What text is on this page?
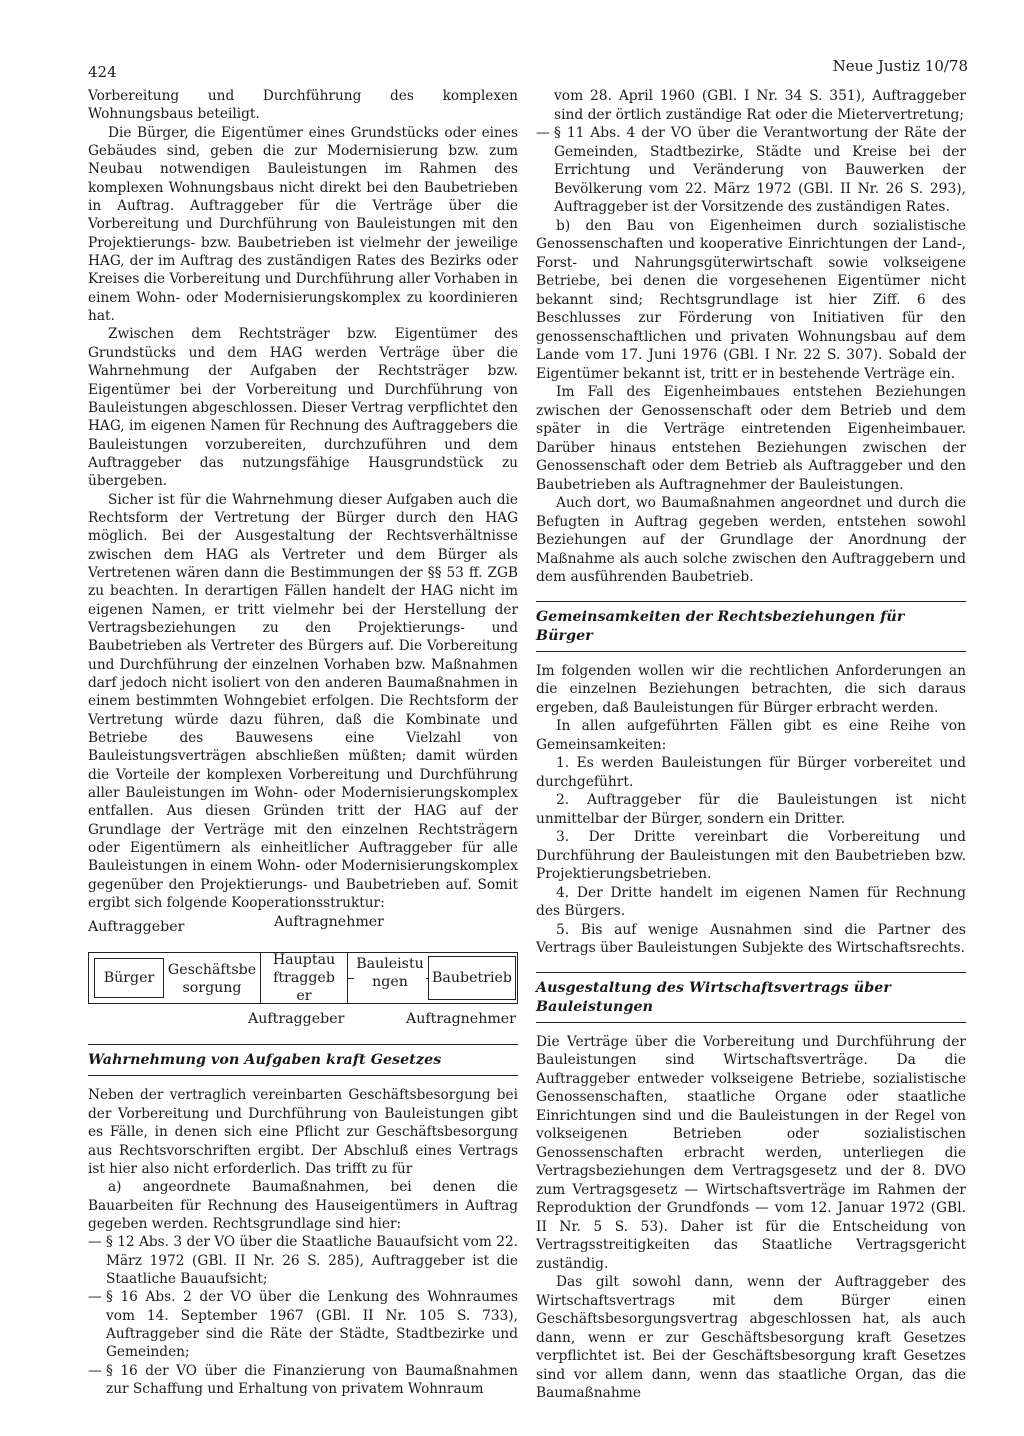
424	Neue Justiz 10/78

Vorbereitung und Durchführung des komplexen Wohnungsbaus beteiligt.

Die Bürger, die Eigentümer eines Grundstücks oder eines Gebäudes sind, geben die zur Modernisierung bzw. zum Neubau notwendigen Bauleistungen im Rahmen des komplexen Wohnungsbaus nicht direkt bei den Baubetrieben in Auftrag. Auftraggeber für die Verträge über die Vorbereitung und Durchführung von Bauleistungen mit den Projektierungs- bzw. Baubetrieben ist vielmehr der jeweilige HAG, der im Auftrag des zuständigen Rates des Bezirks oder Kreises die Vorbereitung und Durchführung aller Vorhaben in einem Wohn- oder Modernisierungskomplex zu koordinieren hat.

Zwischen dem Rechtsträger bzw. Eigentümer des Grundstücks und dem HAG werden Verträge über die Wahrnehmung der Aufgaben der Rechtsträger bzw. Eigentümer bei der Vorbereitung und Durchführung von Bauleistungen abgeschlossen. Dieser Vertrag verpflichtet den HAG, im eigenen Namen für Rechnung des Auftraggebers die Bauleistungen vorzubereiten, durchzuführen und dem Auftraggeber das nutzungsfähige Hausgrundstück zu übergeben.

Sicher ist für die Wahrnehmung dieser Aufgaben auch die Rechtsform der Vertretung der Bürger durch den HAG möglich. Bei der Ausgestaltung der Rechtsverhältnisse zwischen dem HAG als Vertreter und dem Bürger als Vertretenen wären dann die Bestimmungen der §§ 53 ff. ZGB zu beachten. In derartigen Fällen handelt der HAG nicht im eigenen Namen, er tritt vielmehr bei der Herstellung der Vertragsbeziehungen zu den Projektierungs- und Baubetrieben als Vertreter des Bürgers auf. Die Vorbereitung und Durchführung der einzelnen Vorhaben bzw. Maßnahmen darf jedoch nicht isoliert von den anderen Baumaßnahmen in einem bestimmten Wohngebiet erfolgen. Die Rechtsform der Vertretung würde dazu führen, daß die Kombinate und Betriebe des Bauwesens eine Vielzahl von Bauleistungsverträgen abschließen müßten; damit würden die Vorteile der komplexen Vorbereitung und Durchführung aller Bauleistungen im Wohn- oder Modernisierungskomplex entfallen. Aus diesen Gründen tritt der HAG auf der Grundlage der Verträge mit den einzelnen Rechtsträgern oder Eigentümern als einheitlicher Auftraggeber für alle Bauleistungen in einem Wohn- oder Modernisierungskomplex gegenüber den Projektierungs- und Baubetrieben auf. Somit ergibt sich folgende Kooperationsstruktur:

Auftraggeber	Auftragnehmer
Bürger Geschäftsbesorgung
Hauptauftraggeber
Bauleistungen	Baubetrieb
Auftraggeber	Auftragnehmer
Wahrnehmung von Aufgaben kraft Gesetzes

Neben der vertraglich vereinbarten Geschäftsbesorgung bei der Vorbereitung und Durchführung von Bauleistungen gibt es Fälle, in denen sich eine Pflicht zur Geschäftsbesorgung aus Rechtsvorschriften ergibt. Der Abschluß eines Vertrags ist hier also nicht erforderlich. Das trifft zu für

a) angeordnete Baumaßnahmen, bei denen die Bauarbeiten für Rechnung des Hauseigentümers in Auftrag gegeben werden. Rechtsgrundlage sind hier:

— § 12 Abs. 3 der VO über die Staatliche Bauaufsicht vom 22. März 1972 (GBl. II Nr. 26 S. 285), Auftraggeber ist die Staatliche Bauaufsicht;
— § 16 Abs. 2 der VO über die Lenkung des Wohnraumes vom 14. September 1967 (GBl. II Nr. 105 S. 733), Auftraggeber sind die Räte der Städte, Stadtbezirke und Gemeinden;
— § 16 der VO über die Finanzierung von Baumaßnahmen zur Schaffung und Erhaltung von privatem Wohnraum
vom 28. April 1960 (GBl. I Nr. 34 S. 351), Auftraggeber sind der örtlich zuständige Rat oder die Mietervertretung;
— § 11 Abs. 4 der VO über die Verantwortung der Räte der Gemeinden, Stadtbezirke, Städte und Kreise bei der Errichtung und Veränderung von Bauwerken der Bevölkerung vom 22. März 1972 (GBl. II Nr. 26 S. 293), Auftraggeber ist der Vorsitzende des zuständigen Rates.

b) den Bau von Eigenheimen durch sozialistische Genossenschaften und kooperative Einrichtungen der Land-, Forst- und Nahrungsgüterwirtschaft sowie volkseigene Betriebe, bei denen die vorgesehenen Eigentümer nicht bekannt sind; Rechtsgrundlage ist hier Ziff. 6 des Beschlusses zur Förderung von Initiativen für den genossenschaftlichen und privaten Wohnungsbau auf dem Lande vom 17. Juni 1976 (GBl. I Nr. 22 S. 307). Sobald der Eigentümer bekannt ist, tritt er in bestehende Verträge ein.

Im Fall des Eigenheimbaues entstehen Beziehungen zwischen der Genossenschaft oder dem Betrieb und dem später in die Verträge eintretenden Eigenheimbauer. Darüber hinaus entstehen Beziehungen zwischen der Genossenschaft oder dem Betrieb als Auftraggeber und den Baubetrieben als Auftragnehmer der Bauleistungen.

Auch dort, wo Baumaßnahmen angeordnet und durch die Befugten in Auftrag gegeben werden, entstehen sowohl Beziehungen auf der Grundlage der Anordnung der Maßnahme als auch solche zwischen den Auftraggebern und dem ausführenden Baubetrieb.

Gemeinsamkeiten der Rechtsbeziehungen für Bürger

Im folgenden wollen wir die rechtlichen Anforderungen an die einzelnen Beziehungen betrachten, die sich daraus ergeben, daß Bauleistungen für Bürger erbracht werden.

In allen aufgeführten Fällen gibt es eine Reihe von Gemeinsamkeiten:

1. Es werden Bauleistungen für Bürger vorbereitet und durchgeführt.

2. Auftraggeber für die Bauleistungen ist nicht unmittelbar der Bürger, sondern ein Dritter.

3. Der Dritte vereinbart die Vorbereitung und Durchführung der Bauleistungen mit den Baubetrieben bzw. Projektierungsbetrieben.

4. Der Dritte handelt im eigenen Namen für Rechnung des Bürgers.

5. Bis auf wenige Ausnahmen sind die Partner des Vertrags über Bauleistungen Subjekte des Wirtschaftsrechts.

Ausgestaltung des Wirtschaftsvertrags über Bauleistungen

Die Verträge über die Vorbereitung und Durchführung der Bauleistungen sind Wirtschaftsverträge. Da die Auftraggeber entweder volkseigene Betriebe, sozialistische Genossenschaften, staatliche Organe oder staatliche Einrichtungen sind und die Bauleistungen in der Regel von volkseigenen Betrieben oder sozialistischen Genossenschaften erbracht werden, unterliegen die Vertragsbeziehungen dem Vertragsgesetz und der 8. DVO zum Vertragsgesetz — Wirtschaftsverträge im Rahmen der Reproduktion der Grundfonds — vom 12. Januar 1972 (GBl. II Nr. 5 S. 53). Daher ist für die Entscheidung von Vertragsstreitigkeiten das Staatliche Vertragsgericht zuständig.

Das gilt sowohl dann, wenn der Auftraggeber des Wirtschaftsvertrags mit dem Bürger einen Geschäftsbesorgungsvertrag abgeschlossen hat, als auch dann, wenn er zur Geschäftsbesorgung kraft Gesetzes verpflichtet ist. Bei der Geschäftsbesorgung kraft Gesetzes sind vor allem dann, wenn das staatliche Organ, das die Baumaßnahme
